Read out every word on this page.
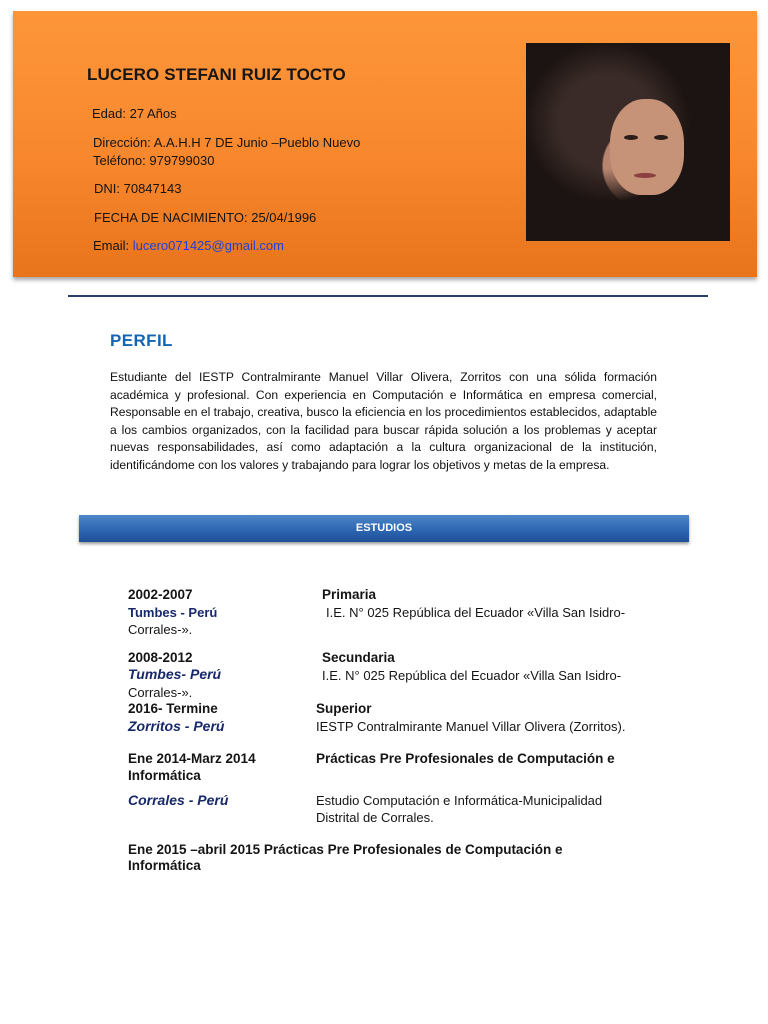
LUCERO STEFANI RUIZ TOCTO
Edad: 27 Años
Dirección: A.A.H.H 7 DE Junio –Pueblo Nuevo
Teléfono: 979799030
DNI: 70847143
FECHA DE NACIMIENTO: 25/04/1996
Email: lucero071425@gmail.com
PERFIL
Estudiante del IESTP Contralmirante Manuel Villar Olivera, Zorritos con una sólida formación académica y profesional. Con experiencia en Computación e Informática en empresa comercial, Responsable en el trabajo, creativa, busco la eficiencia en los procedimientos establecidos, adaptable a los cambios organizados, con la facilidad para buscar rápida solución a los problemas y aceptar nuevas responsabilidades, así como adaptación a la cultura organizacional de la institución, identificándome con los valores y trabajando para lograr los objetivos y metas de la empresa.
ESTUDIOS
2002-2007	Primaria
Tumbes - Perú	I.E. N° 025 República del Ecuador «Villa San Isidro-
Corrales-».
2008-2012	Secundaria
Tumbes- Perú	I.E. N° 025 República del Ecuador «Villa San Isidro-
Corrales-».
2016- Termine	Superior
Zorritos - Perú	IESTP Contralmirante Manuel Villar Olivera (Zorritos).
Ene 2014-Marz 2014	Prácticas Pre Profesionales de Computación e
Informática
Corrales - Perú	Estudio Computación e Informática-Municipalidad
Distrital de Corrales.
Ene 2015 –abril 2015 Prácticas Pre Profesionales de Computación e
Informática
